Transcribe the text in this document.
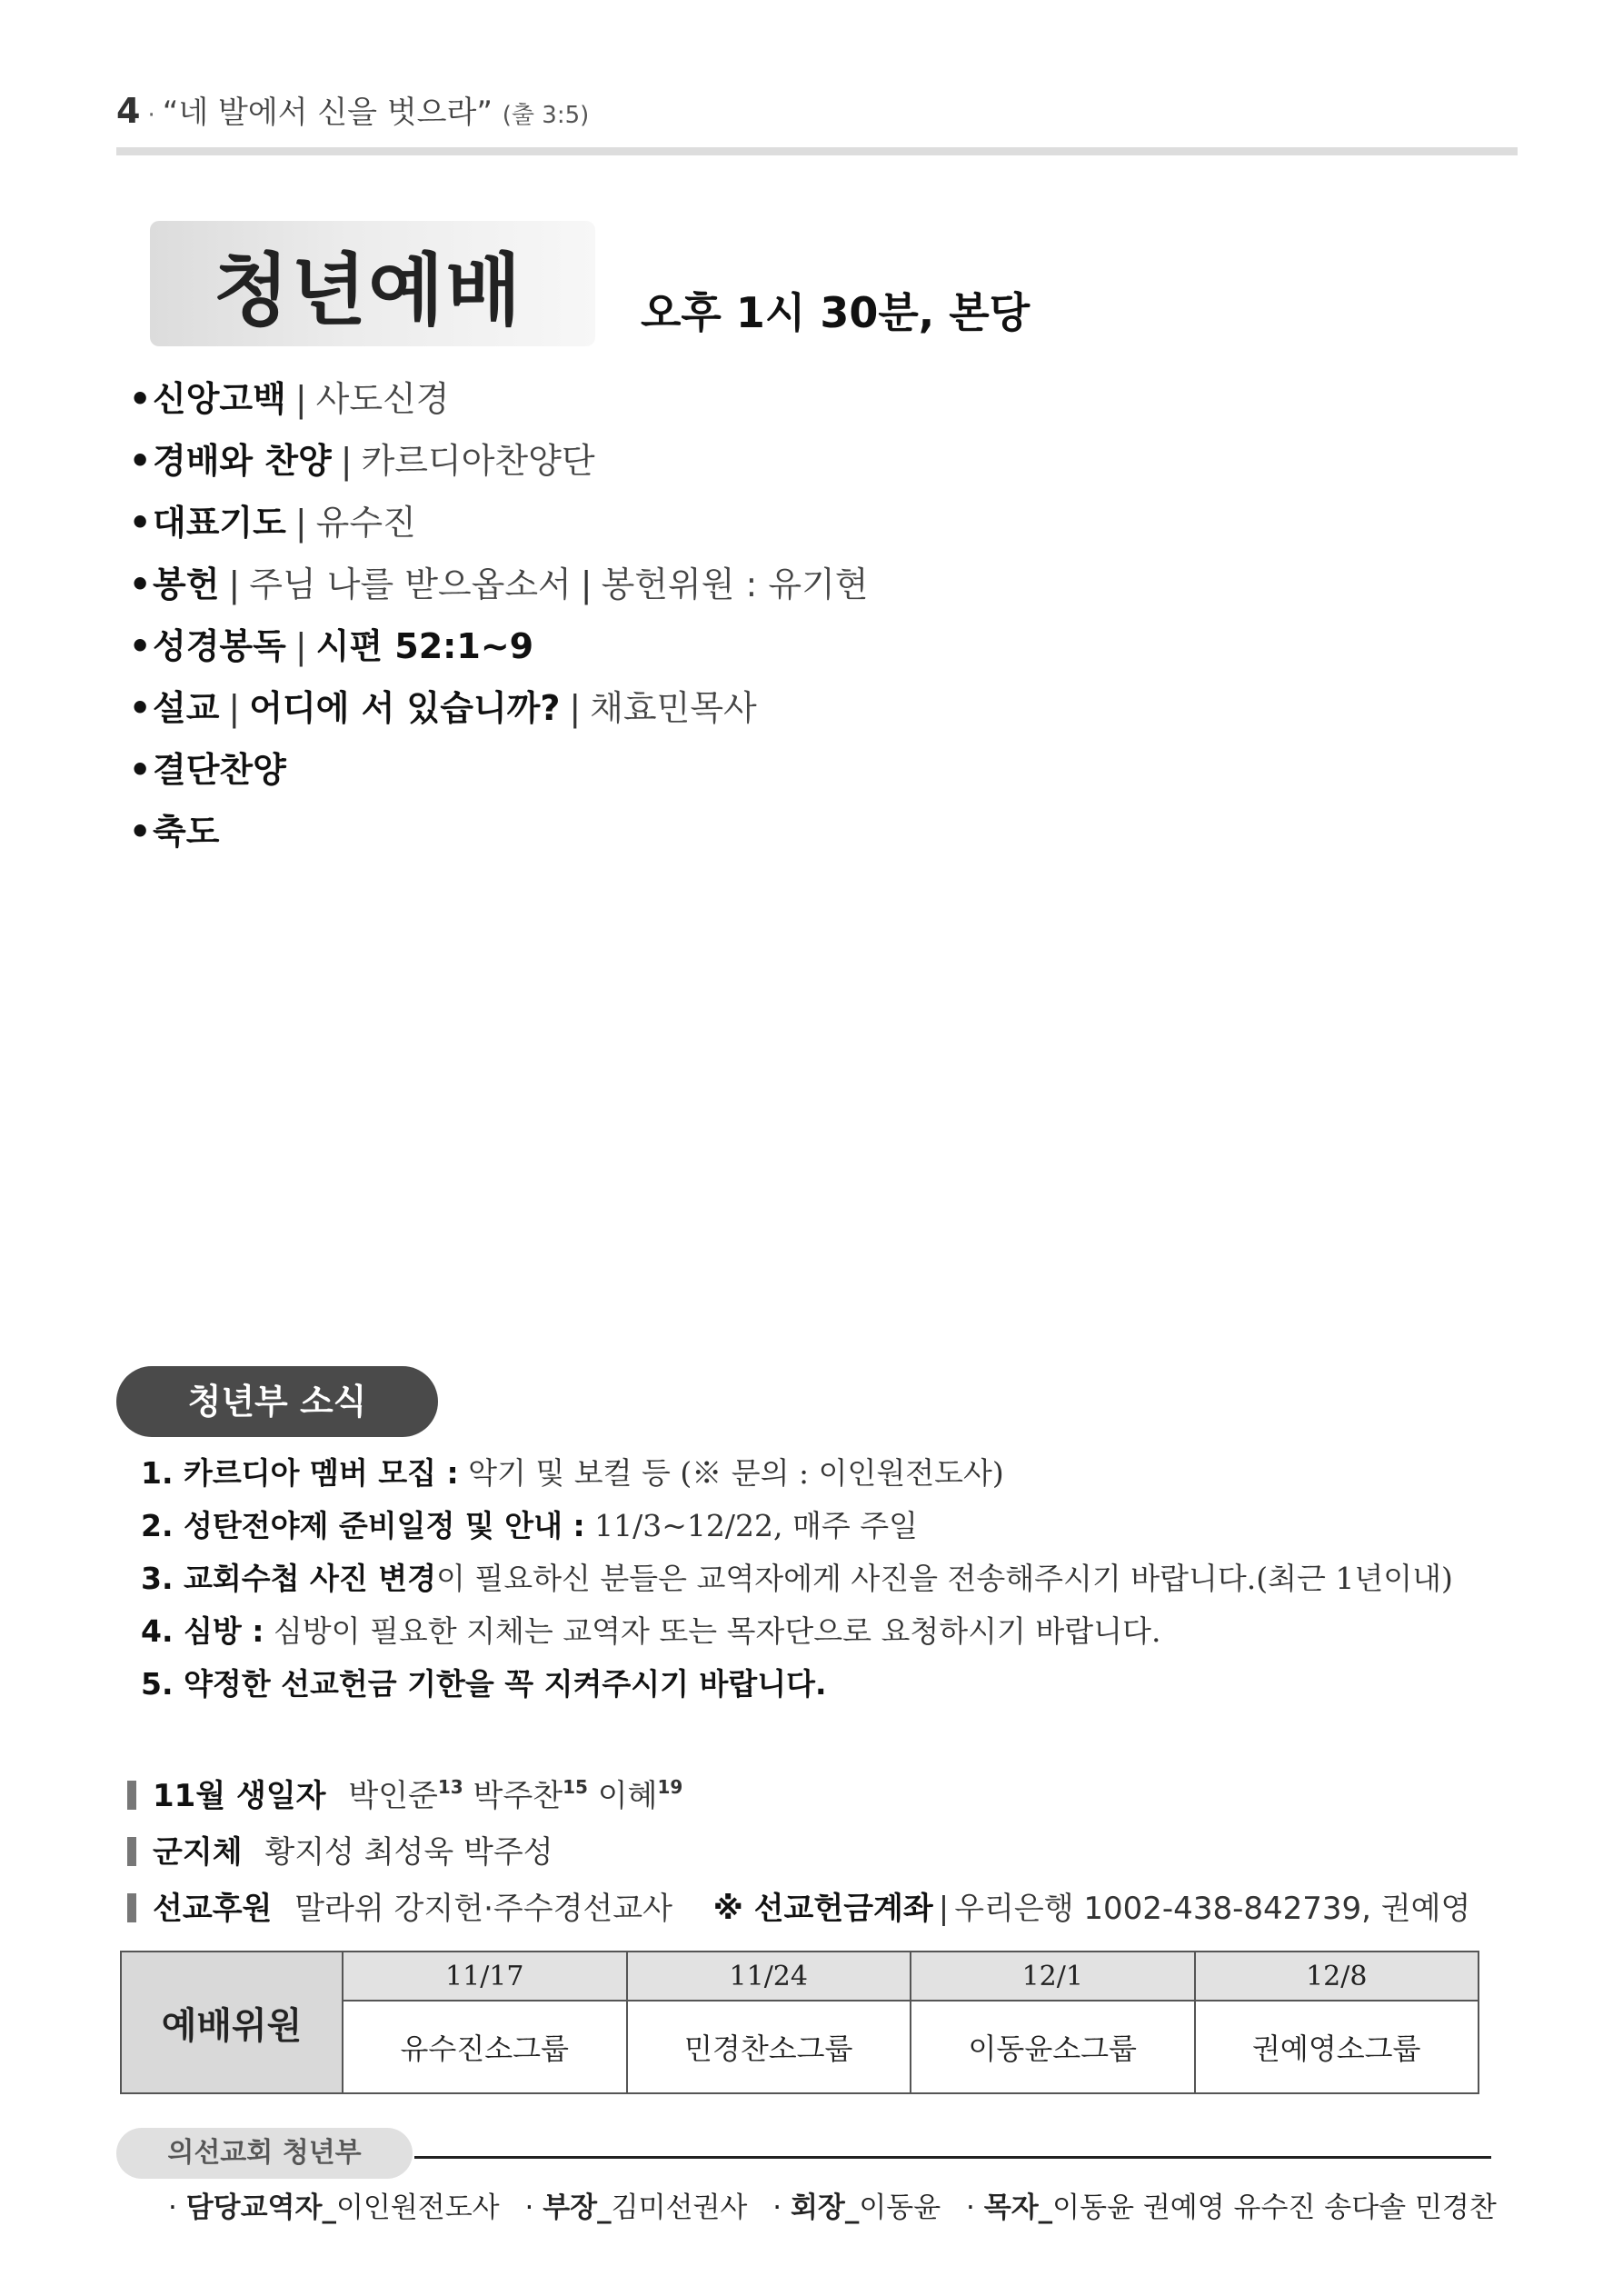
4 · “네 발에서 신을 벗으라” (출 3:5)
청년예배	오후 1시 30분, 본당
•신앙고백 | 사도신경
•경배와 찬양 | 카르디아찬양단
•대표기도 | 유수진
•봉헌 | 주님 나를 받으옵소서 | 봉헌위원 : 유기현
•성경봉독 | 시편 52:1~9
•설교 | 어디에 서 있습니까? | 채효민목사
•결단찬양
•축도
청년부 소식
1. 카르디아 멤버 모집 : 악기 및 보컬 등 (※ 문의 : 이인원전도사)
2. 성탄전야제 준비일정 및 안내 : 11/3~12/22, 매주 주일
3. 교회수첩 사진 변경이 필요하신 분들은 교역자에게 사진을 전송해주시기 바랍니다.(최근 1년이내)
4. 심방 : 심방이 필요한 지체는 교역자 또는 목자단으로 요청하시기 바랍니다.
5. 약정한 선교헌금 기한을 꼭 지켜주시기 바랍니다.
11월 생일자 박인준$^{13}$ 박주찬$^{15}$ 이혜$^{19}$
군지체 황지성 최성욱 박주성
선교후원 말라위 강지헌·주수경선교사 ※ 선교헌금계좌 | 우리은행 1002-438-842739, 권예영
예배위원	11/17	11/24	12/1	12/8
	유수진소그룹	민경찬소그룹	이동윤소그룹	권예영소그룹
의선교회 청년부
· 담당교역자_이인원전도사 · 부장_김미선권사 · 회장_이동윤 · 목자_이동윤 권예영 유수진 송다솔 민경찬
